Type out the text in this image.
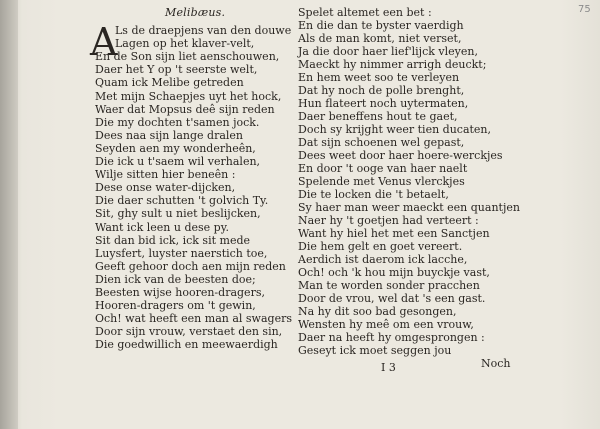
Melibæus.	75
A
Ls de draepjens van den douwe
Lagen op het klaver-velt,
En de Son sijn liet aenschouwen,
Daer het Y op 't seerste welt,
Quam ick Melibe getreden
Met mijn Schaepjes uyt het hock,
Waer dat Mopsus deê sijn reden
Die my dochten t'samen jock.
Dees naa sijn lange dralen
Seyden aen my wonderheên,
Die ick u t'saem wil verhalen,
Wilje sitten hier beneên :
Dese onse water-dijcken,
Die daer schutten 't golvich Ty.
Sit, ghy sult u niet beslijcken,
Want ick leen u dese py.
Sit dan bid ick, ick sit mede
Luysfert, luyster naerstich toe,
Geeft gehoor doch aen mijn reden
Dien ick van de beesten doe;
Beesten wijse hooren-dragers,
Hooren-dragers om 't gewin,
Och! wat heeft een man al swagers
Door sijn vrouw, verstaet den sin,
Die goedwillich en meewaerdigh
Spelet altemet een bet :
En die dan te byster vaerdigh
Als de man komt, niet verset,
Ja die door haer lief'lijck vleyen,
Maeckt hy nimmer arrigh deuckt;
En hem weet soo te verleyen
Dat hy noch de polle brenght,
Hun flateert noch uytermaten,
Daer beneffens hout te gaet,
Doch sy krijght weer tien ducaten,
Dat sijn schoenen wel gepast,
Dees weet door haer hoere-werckjes
En door 't ooge van haer naelt
Spelende met Venus vlerckjes
Die te locken die 't betaelt,
Sy haer man weer maeckt een quantjen
Naer hy 't goetjen had verteert :
Want hy hiel het met een Sanctjen
Die hem gelt en goet vereert.
Aerdich ist daerom ick lacche,
Och! och 'k hou mijn buyckje vast,
Man te worden sonder pracchen
Door de vrou, wel dat 's een gast.
Na hy dit soo bad gesongen,
Wensten hy meê om een vrouw,
Daer na heeft hy omgesprongen :
Geseyt ick moet seggen jou
I 3	Noch
